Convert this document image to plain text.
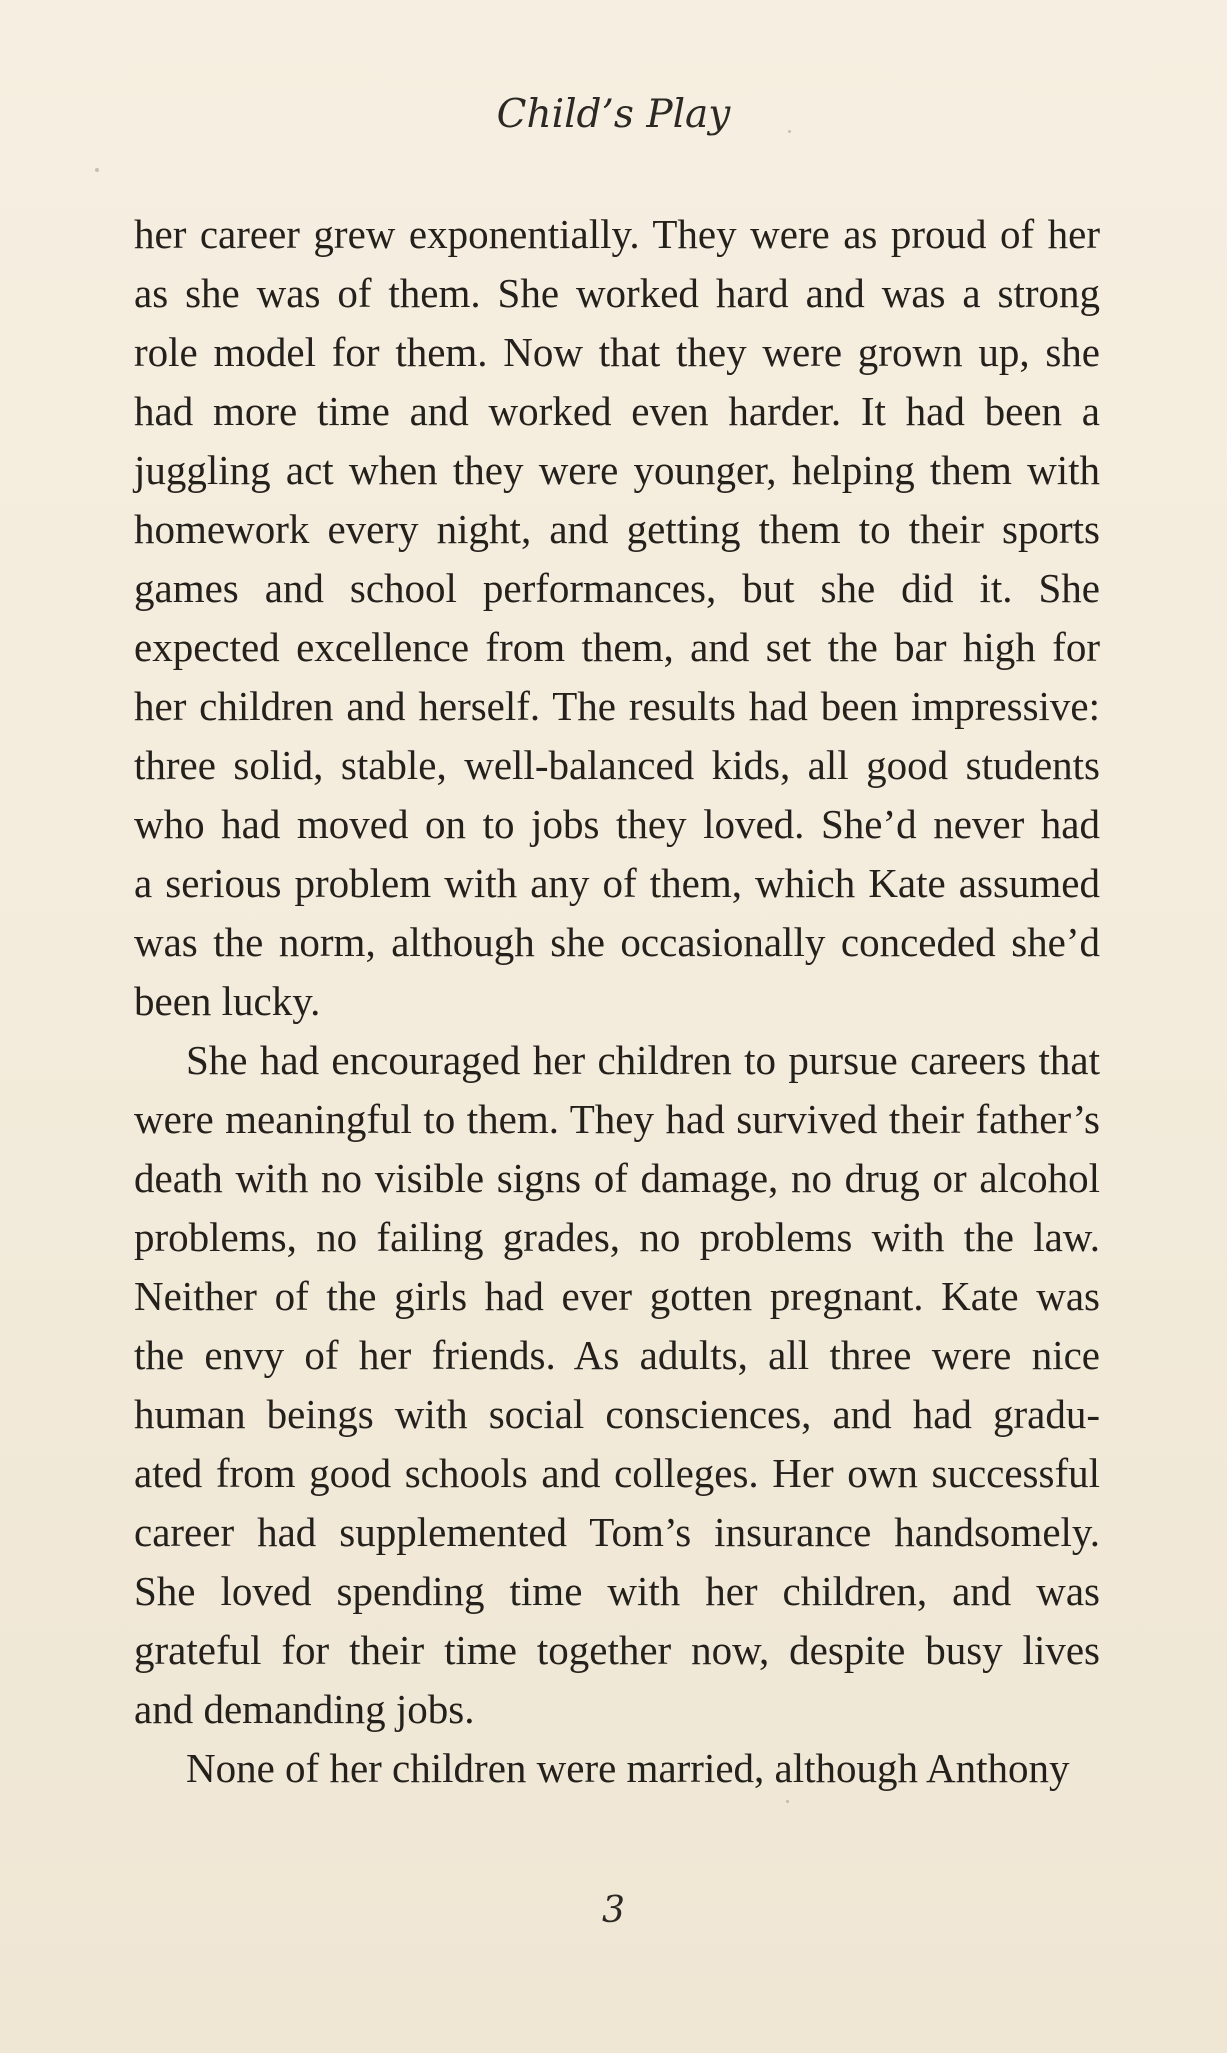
Child’s Play
her career grew exponentially. They were as proud of her
as she was of them. She worked hard and was a strong
role model for them. Now that they were grown up, she
had more time and worked even harder. It had been a
juggling act when they were younger, helping them with
homework every night, and getting them to their sports
games and school performances, but she did it. She
expected excellence from them, and set the bar high for
her children and herself. The results had been impressive:
three solid, stable, well-balanced kids, all good students
who had moved on to jobs they loved. She’d never had
a serious problem with any of them, which Kate assumed
was the norm, although she occasionally conceded she’d
been lucky.
She had encouraged her children to pursue careers that
were meaningful to them. They had survived their father’s
death with no visible signs of damage, no drug or alcohol
problems, no failing grades, no problems with the law.
Neither of the girls had ever gotten pregnant. Kate was
the envy of her friends. As adults, all three were nice
human beings with social consciences, and had gradu-
ated from good schools and colleges. Her own successful
career had supplemented Tom’s insurance handsomely.
She loved spending time with her children, and was
grateful for their time together now, despite busy lives
and demanding jobs.
None of her children were married, although Anthony
3
